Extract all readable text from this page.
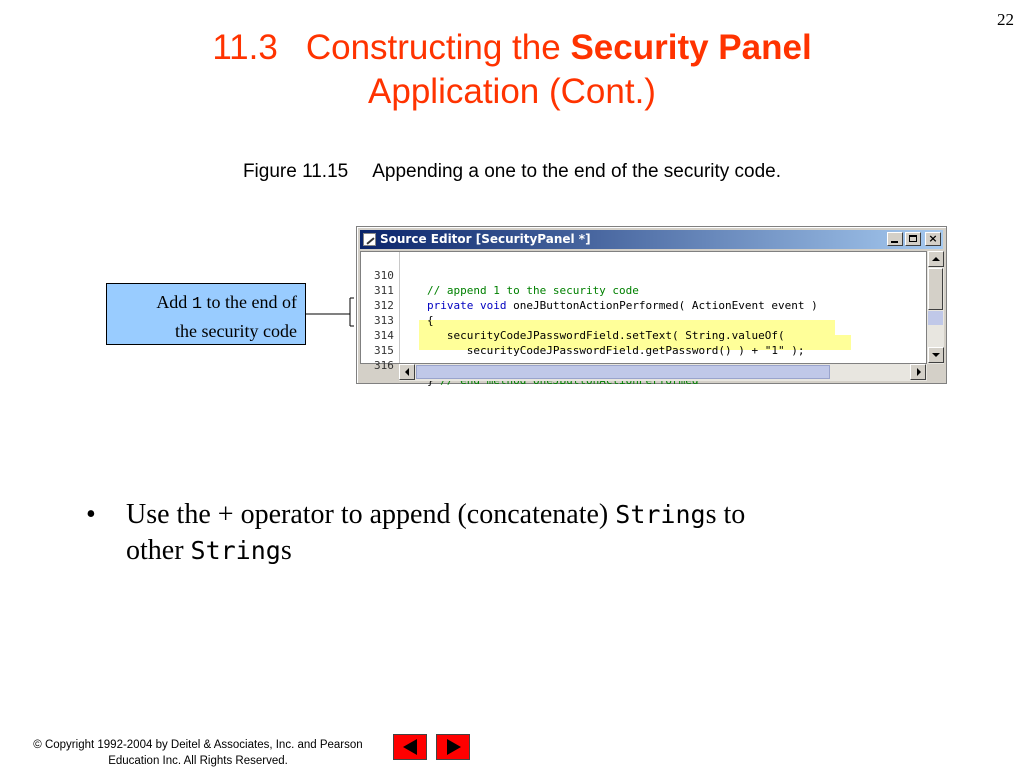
22
11.3 Constructing the Security Panel
Application (Cont.)
Figure 11.15 Appending a one to the end of the security code.
Add 1 to the end of
the security code
Source Editor [SecurityPanel *]	×

310

// append 1 to the security code

311

private void oneJButtonActionPerformed( ActionEvent event )

312

{

313

securityCodeJPasswordField.setText( String.valueOf(

314

securityCodeJPasswordField.getPassword() ) + "1" );

315

316

• Use the + operator to append (concatenate) Strings to
other Strings
© Copyright 1992-2004 by Deitel & Associates, Inc. and Pearson
Education Inc. All Rights Reserved.
